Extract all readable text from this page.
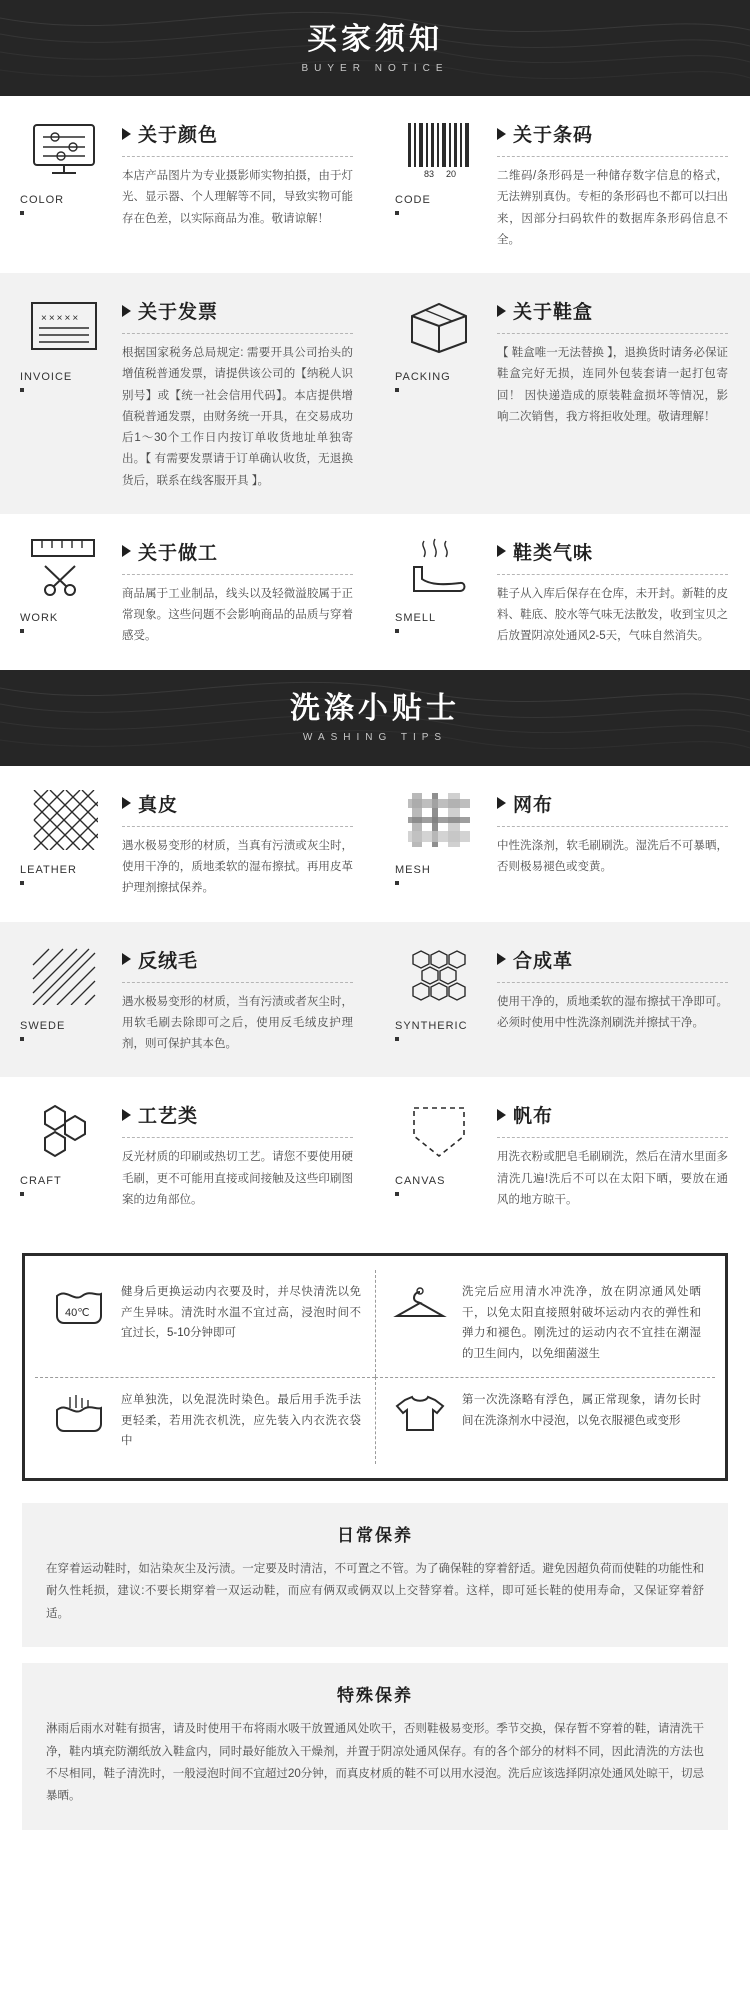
买家须知
BUYER NOTICE
COLOR
关于颜色
本店产品图片为专业摄影师实物拍摄，由于灯光、显示器、个人理解等不同，导致实物可能存在色差，以实际商品为准。敬请谅解！
83 20
CODE
关于条码
二维码/条形码是一种储存数字信息的格式，无法辨别真伪。专柜的条形码也不都可以扫出来，因部分扫码软件的数据库条形码信息不全。
×××××
INVOICE
关于发票
根据国家税务总局规定: 需要开具公司抬头的增值税普通发票，请提供该公司的【纳税人识别号】或【统一社会信用代码】。本店提供增值税普通发票，由财务统一开具，在交易成功后1～30个工作日内按订单收货地址单独寄出。【 有需要发票请于订单确认收货，无退换货后，联系在线客服开具 】。
PACKING
关于鞋盒
【 鞋盒唯一无法替换 】，退换货时请务必保证鞋盒完好无损，连同外包装套请一起打包寄回！ 因快递造成的原装鞋盒损坏等情况，影响二次销售，我方将拒收处理。敬请理解！
WORK
关于做工
商品属于工业制品，线头以及轻微溢胶属于正常现象。这些问题不会影响商品的品质与穿着感受。
SMELL
鞋类气味
鞋子从入库后保存在仓库，未开封。新鞋的皮料、鞋底、胶水等气味无法散发，收到宝贝之后放置阴凉处通风2-5天，气味自然消失。
洗涤小贴士
WASHING TIPS
LEATHER
真皮
遇水极易变形的材质，当真有污渍或灰尘时，使用干净的，质地柔软的湿布擦拭。再用皮革护理剂擦拭保养。
MESH
网布
中性洗涤剂，软毛刷刷洗。湿洗后不可暴晒，否则极易褪色或变黄。
SWEDE
反绒毛
遇水极易变形的材质，当有污渍或者灰尘时，用软毛刷去除即可之后，使用反毛绒皮护理剂，则可保护其本色。
SYNTHERIC
合成革
使用干净的，质地柔软的湿布擦拭干净即可。必须时使用中性洗涤剂刷洗并擦拭干净。
CRAFT
工艺类
反光材质的印刷或热切工艺。请您不要使用硬毛刷，更不可能用直接或间接触及这些印刷图案的边角部位。
CANVAS
帆布
用洗衣粉或肥皂毛刷刷洗，然后在清水里面多清洗几遍!洗后不可以在太阳下晒，要放在通风的地方晾干。
40℃
健身后更换运动内衣要及时，并尽快清洗以免产生异味。清洗时水温不宜过高，浸泡时间不宜过长，5-10分钟即可
洗完后应用清水冲洗净，放在阴凉通风处晒干，以免太阳直接照射破坏运动内衣的弹性和弹力和褪色。刚洗过的运动内衣不宜挂在潮湿的卫生间内，以免细菌滋生
应单独洗，以免混洗时染色。最后用手洗手法更轻柔，若用洗衣机洗，应先装入内衣洗衣袋中
第一次洗涤略有浮色，属正常现象，请勿长时间在洗涤剂水中浸泡，以免衣服褪色或变形
日常保养

在穿着运动鞋时，如沾染灰尘及污渍。一定要及时清洁，不可置之不管。为了确保鞋的穿着舒适。避免因超负荷而使鞋的功能性和耐久性耗损，建议:不要长期穿着一双运动鞋，而应有俩双或俩双以上交替穿着。这样，即可延长鞋的使用寿命，又保证穿着舒适。

特殊保养

淋雨后雨水对鞋有损害，请及时使用干布将雨水吸干放置通风处吹干，否则鞋极易变形。季节交换，保存暂不穿着的鞋，请清洗干净，鞋内填充防潮纸放入鞋盒内，同时最好能放入干燥剂，并置于阴凉处通风保存。有的各个部分的材料不同，因此清洗的方法也不尽相同，鞋子清洗时，一般浸泡时间不宜超过20分钟，而真皮材质的鞋不可以用水浸泡。洗后应该选择阴凉处通风处晾干，切忌暴晒。
